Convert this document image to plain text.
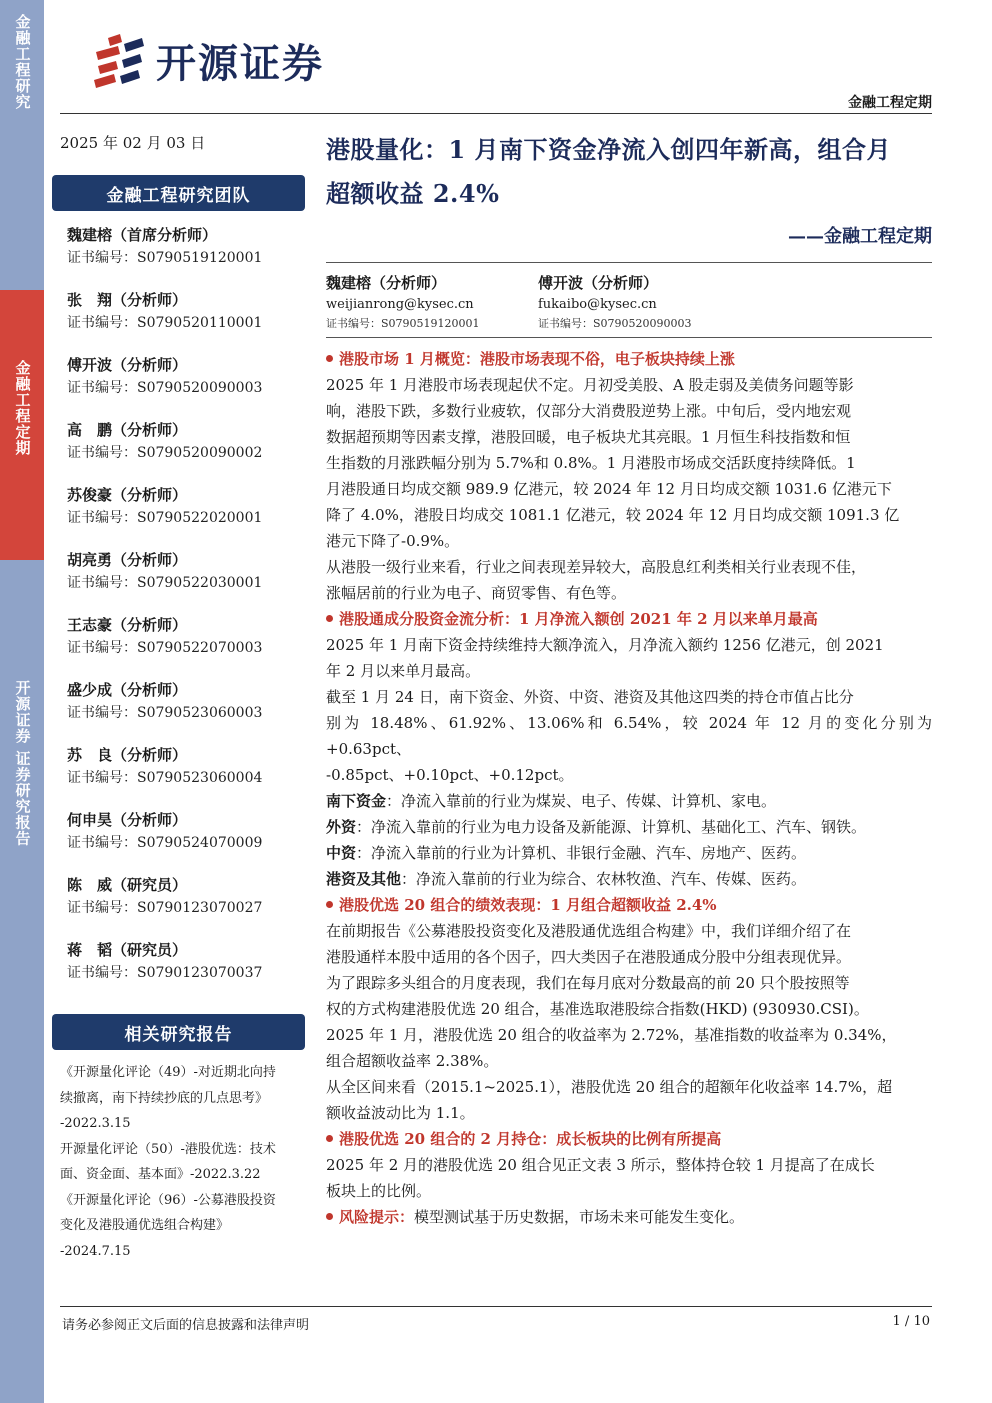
金融工程研究
金融工程定期
开源证券 证券研究报告
开源证券
金融工程定期
2025 年 02 月 03 日
金融工程研究团队
魏建榕（首席分析师）
证书编号：S0790519120001
张　翔（分析师）
证书编号：S0790520110001
傅开波（分析师）
证书编号：S0790520090003
高　鹏（分析师）
证书编号：S0790520090002
苏俊豪（分析师）
证书编号：S0790522020001
胡亮勇（分析师）
证书编号：S0790522030001
王志豪（分析师）
证书编号：S0790522070003
盛少成（分析师）
证书编号：S0790523060003
苏　良（分析师）
证书编号：S0790523060004
何申昊（分析师）
证书编号：S0790524070009
陈　威（研究员）
证书编号：S0790123070027
蒋　韬（研究员）
证书编号：S0790123070037
相关研究报告
《开源量化评论（49）-对近期北向持
续撤离，南下持续抄底的几点思考》
-2022.3.15
开源量化评论（50）-港股优选：技术
面、资金面、基本面》-2022.3.22
《开源量化评论（96）-公募港股投资
变化及港股通优选组合构建》
-2024.7.15
港股量化：1 月南下资金净流入创四年新高，组合月
超额收益 2.4%
——金融工程定期
魏建榕（分析师）
weijianrong@kysec.cn
证书编号：S0790519120001
傅开波（分析师）
fukaibo@kysec.cn
证书编号：S0790520090003
港股市场 1 月概览：港股市场表现不俗，电子板块持续上涨

2025 年 1 月港股市场表现起伏不定。月初受美股、A 股走弱及美债务问题等影
响，港股下跌，多数行业疲软，仅部分大消费股逆势上涨。中旬后，受内地宏观
数据超预期等因素支撑，港股回暖，电子板块尤其亮眼。1 月恒生科技指数和恒
生指数的月涨跌幅分别为 5.7%和 0.8%。1 月港股市场成交活跃度持续降低。1
月港股通日均成交额 989.9 亿港元，较 2024 年 12 月日均成交额 1031.6 亿港元下
降了 4.0%，港股日均成交 1081.1 亿港元，较 2024 年 12 月日均成交额 1091.3 亿
港元下降了-0.9%。

从港股一级行业来看，行业之间表现差异较大，高股息红利类相关行业表现不佳，
涨幅居前的行业为电子、商贸零售、有色等。

港股通成分股资金流分析：1 月净流入额创 2021 年 2 月以来单月最高

2025 年 1 月南下资金持续维持大额净流入，月净流入额约 1256 亿港元，创 2021
年 2 月以来单月最高。

截至 1 月 24 日，南下资金、外资、中资、港资及其他这四类的持仓市值占比分
别为 18.48%、61.92%、13.06%和 6.54%，较 2024 年 12 月的变化分别为+0.63pct、
-0.85pct、+0.10pct、+0.12pct。

南下资金：净流入靠前的行业为煤炭、电子、传媒、计算机、家电。
外资：净流入靠前的行业为电力设备及新能源、计算机、基础化工、汽车、钢铁。
中资：净流入靠前的行业为计算机、非银行金融、汽车、房地产、医药。
港资及其他：净流入靠前的行业为综合、农林牧渔、汽车、传媒、医药。
港股优选 20 组合的绩效表现：1 月组合超额收益 2.4%

在前期报告《公募港股投资变化及港股通优选组合构建》中，我们详细介绍了在
港股通样本股中适用的各个因子，四大类因子在港股通成分股中分组表现优异。
为了跟踪多头组合的月度表现，我们在每月底对分数最高的前 20 只个股按照等
权的方式构建港股优选 20 组合，基准选取港股综合指数(HKD) (930930.CSI)。

2025 年 1 月，港股优选 20 组合的收益率为 2.72%，基准指数的收益率为 0.34%，
组合超额收益率 2.38%。

从全区间来看（2015.1~2025.1），港股优选 20 组合的超额年化收益率 14.7%，超
额收益波动比为 1.1。

港股优选 20 组合的 2 月持仓：成长板块的比例有所提高

2025 年 2 月的港股优选 20 组合见正文表 3 所示，整体持仓较 1 月提高了在成长
板块上的比例。

风险提示：模型测试基于历史数据，市场未来可能发生变化。
请务必参阅正文后面的信息披露和法律声明	1 / 10
